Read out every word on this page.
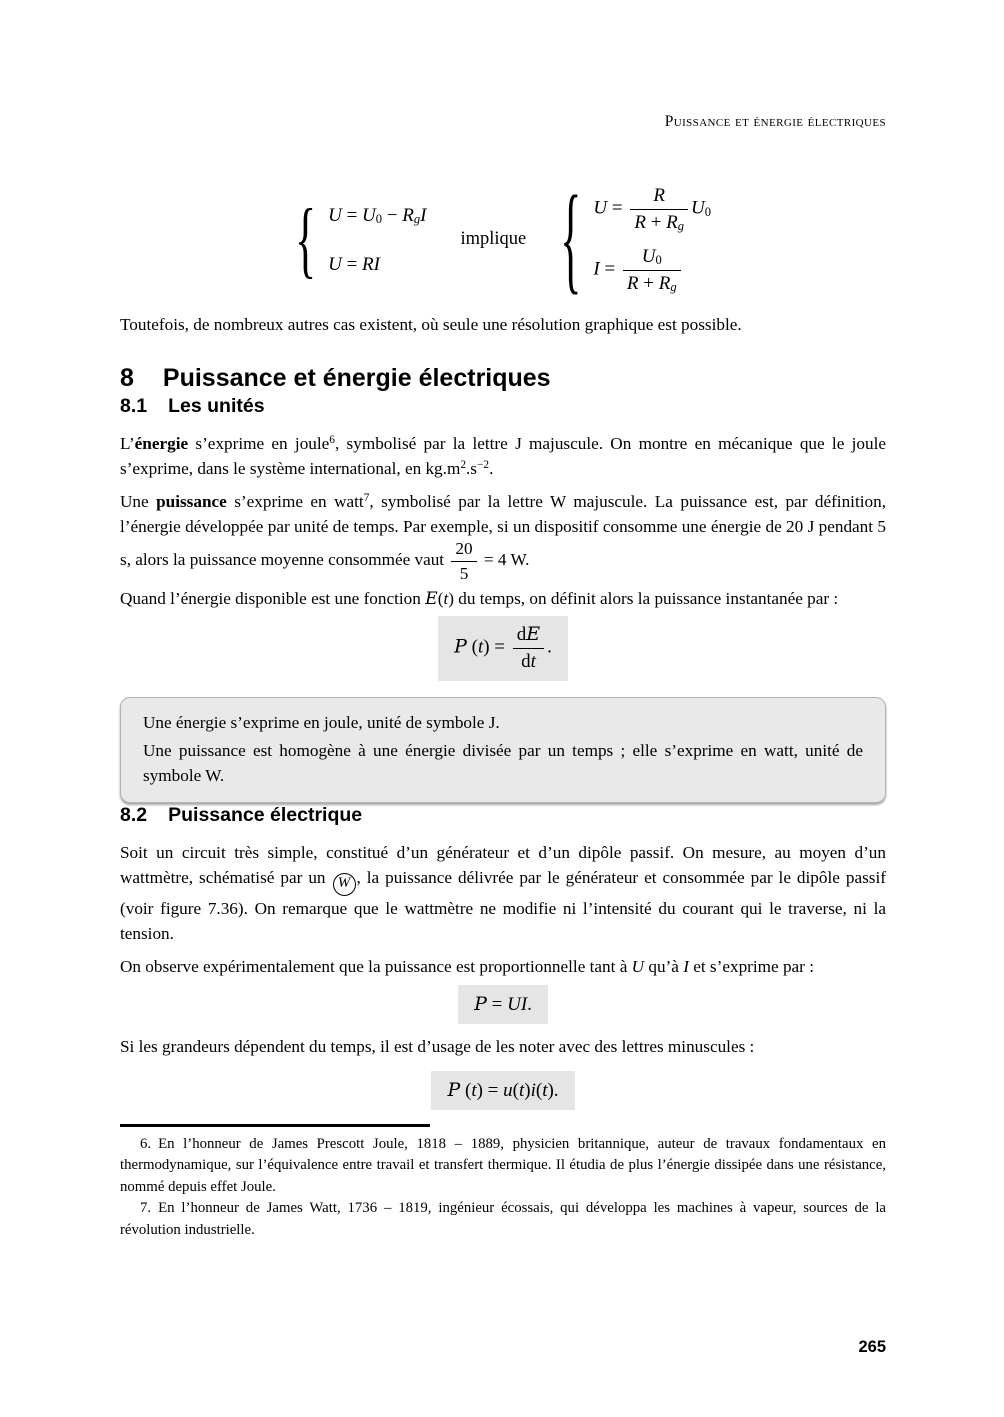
Puissance et énergie électriques
{ U = U0 − RgI
U = RI
implique { $U = \frac{R}{R + Rg} U0$
$I = \frac{U0}{R + Rg}$

Toutefois, de nombreux autres cas existent, où seule une résolution graphique est possible.

8 Puissance et énergie électriques
8.1 Les unités

L’énergie s’exprime en joule$^6$, symbolisé par la lettre J majuscule. On montre en mécanique que le joule s’exprime, dans le système international, en $kg.m^2.s^{-2}$.

Une puissance s’exprime en watt$^7$, symbolisé par la lettre W majuscule. La puissance est, par définition, l’énergie développée par unité de temps. Par exemple, si un dispositif consomme une énergie de 20 J pendant 5 s, alors la puissance moyenne consommée vaut $\frac{20}{5} = 4$ W.

Quand l’énergie disponible est une fonction E(t) du temps, on définit alors la puissance instantanée par :

P $(t) = \frac{dE}{dt}$ .

Une énergie s’exprime en joule, unité de symbole J.

Une puissance est homogène à une énergie divisée par un temps ; elle s’exprime en watt, unité de symbole W.

8.2 Puissance électrique

Soit un circuit très simple, constitué d’un générateur et d’un dipôle passif. On mesure, au moyen d’un wattmètre, schématisé par un W , la puissance délivrée par le générateur et consommée par le dipôle passif (voir figure 7.36). On remarque que le wattmètre ne modifie ni l’intensité du courant qui le traverse, ni la tension.

On observe expérimentalement que la puissance est proportionnelle tant à U qu’à I et s’exprime par :

P = UI.

Si les grandeurs dépendent du temps, il est d’usage de les noter avec des lettres minuscules :

P (t) = u(t)i(t).

6. En l’honneur de James Prescott Joule, 1818 – 1889, physicien britannique, auteur de travaux fondamentaux en thermodynamique, sur l’équivalence entre travail et transfert thermique. Il étudia de plus l’énergie dissipée dans une résistance, nommé depuis effet Joule.

7. En l’honneur de James Watt, 1736 – 1819, ingénieur écossais, qui développa les machines à vapeur, sources de la révolution industrielle.

265
